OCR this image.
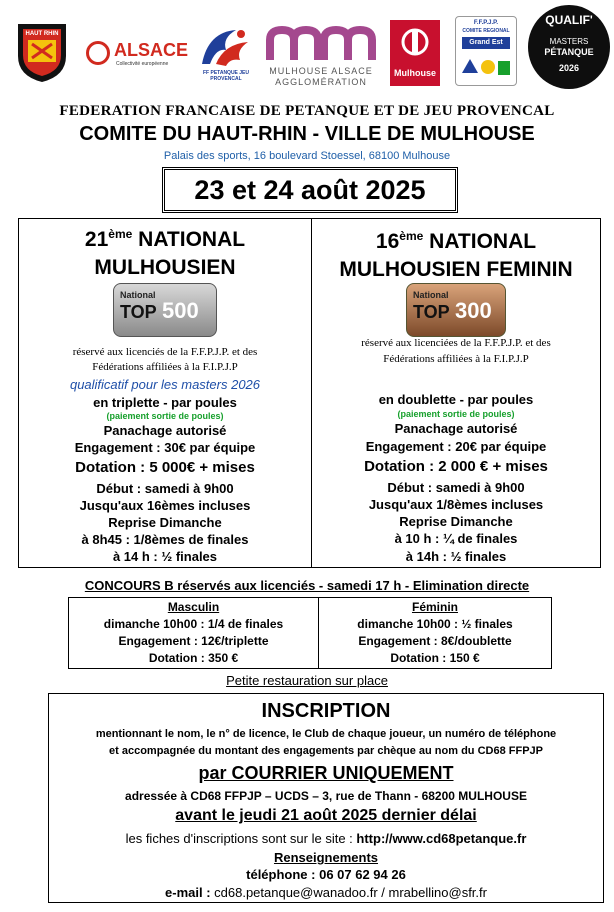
HAUT RHIN
ALSACE
Collectivité européenne
FF PETANQUE JEU PROVENCAL
MULHOUSE ALSACE
AGGLOMÉRATION
Mulhouse
F.F.P.J.P.
COMITE REGIONAL
Grand Est
QUALIF'
MASTERS
PÉTANQUE
2026
FEDERATION FRANCAISE DE PETANQUE ET DE JEU PROVENCAL
COMITE DU HAUT-RHIN - VILLE DE MULHOUSE
Palais des sports, 16 boulevard Stoessel, 68100 Mulhouse
23 et 24 août 2025
21ème NATIONAL
MULHOUSIEN
National
TOP 500
réservé aux licenciés de la F.F.P.J.P. et des
Fédérations affiliées à la F.I.P.J.P
qualificatif pour les masters 2026
en triplette - par poules
(paiement sortie de poules)
Panachage autorisé
Engagement : 30€ par équipe
Dotation : 5 000€ + mises
Début : samedi à 9h00
Jusqu'aux 16èmes incluses
Reprise Dimanche
à 8h45 : 1/8èmes de finales
à 14 h : ½ finales
16ème NATIONAL
MULHOUSIEN FEMININ
National
TOP 300
réservé aux licenciées de la F.F.P.J.P. et des
Fédérations affiliées à la F.I.P.J.P
en doublette - par poules
(paiement sortie de poules)
Panachage autorisé
Engagement : 20€ par équipe
Dotation : 2 000 € + mises
Début : samedi à 9h00
Jusqu'aux 1/8èmes incluses
Reprise Dimanche
à 10 h : ¼ de finales
à 14h : ½ finales
CONCOURS B réservés aux licenciés - samedi 17 h - Elimination directe
Masculin
dimanche 10h00 : 1/4 de finales
Engagement : 12€/triplette
Dotation : 350 €
Féminin
dimanche 10h00 : ½ finales
Engagement : 8€/doublette
Dotation : 150 €
Petite restauration sur place
INSCRIPTION
mentionnant le nom, le n° de licence, le Club de chaque joueur, un numéro de téléphone
et accompagnée du montant des engagements par chèque au nom du CD68 FFPJP
par COURRIER UNIQUEMENT
adressée à CD68 FFPJP – UCDS – 3, rue de Thann - 68200 MULHOUSE
avant le jeudi 21 août 2025 dernier délai
les fiches d'inscriptions sont sur le site : http://www.cd68petanque.fr
Renseignements
téléphone : 06 07 62 94 26
e-mail : cd68.petanque@wanadoo.fr / mrabellino@sfr.fr
